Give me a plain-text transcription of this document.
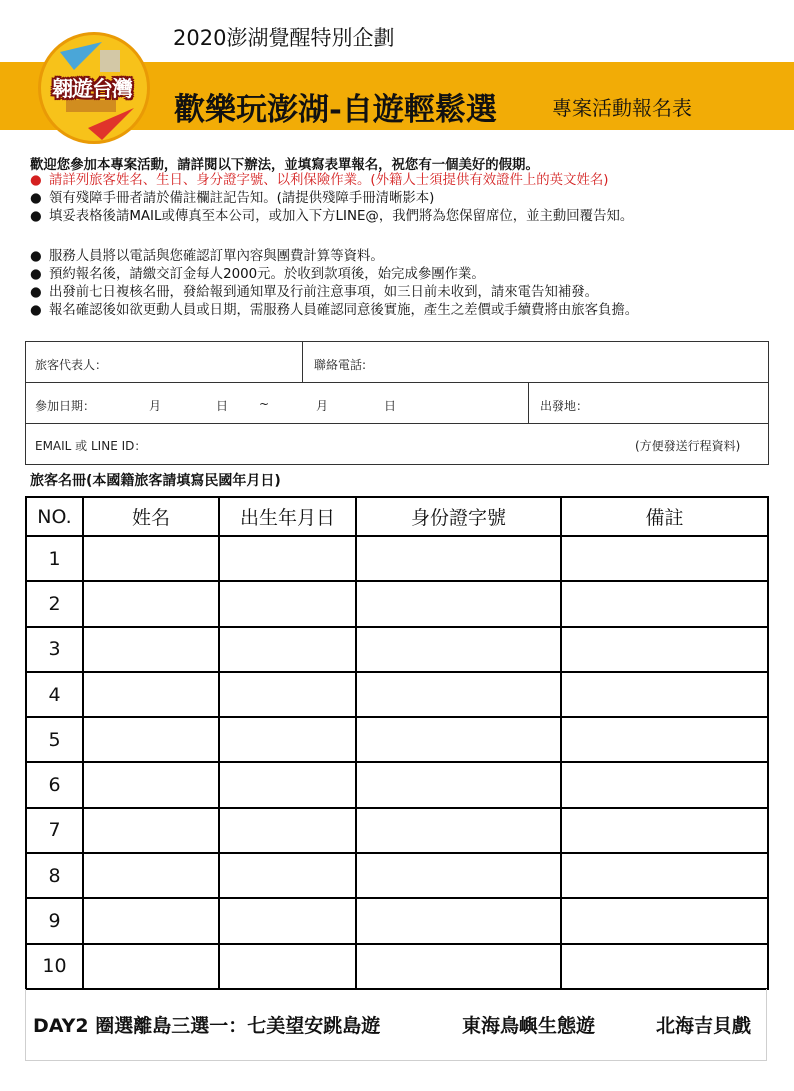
2020澎湖覺醒特別企劃
翱遊台灣
歡樂玩澎湖-自遊輕鬆選	專案活動報名表
歡迎您參加本專案活動，請詳閱以下辦法，並填寫表單報名，祝您有一個美好的假期。
● 請詳列旅客姓名、生日、身分證字號、以利保險作業。(外籍人士須提供有效證件上的英文姓名)
● 領有殘障手冊者請於備註欄註記告知。(請提供殘障手冊清晰影本)
● 填妥表格後請MAIL或傳真至本公司，或加入下方LINE@，我們將為您保留席位，並主動回覆告知。
● 服務人員將以電話與您確認訂單內容與團費計算等資料。
● 預約報名後，請繳交訂金每人2000元。於收到款項後，始完成參團作業。
● 出發前七日複核名冊，發給報到通知單及行前注意事項，如三日前未收到，請來電告知補發。
● 報名確認後如欲更動人員或日期，需服務人員確認同意後實施，產生之差價或手續費將由旅客負擔。
旅客代表人：	聯絡電話:
參加日期：	月	日	~	月	日	出發地：
EMAIL 或 LINE ID：	(方便發送行程資料)
旅客名冊(本國籍旅客請填寫民國年月日)
NO.	姓名	出生年月日	身份證字號	備註
1				
2				
3				
4				
5				
6				
7				
8				
9				
10				
DAY2 圈選離島三選一：七美望安跳島遊	東海鳥嶼生態遊	北海吉貝戲
